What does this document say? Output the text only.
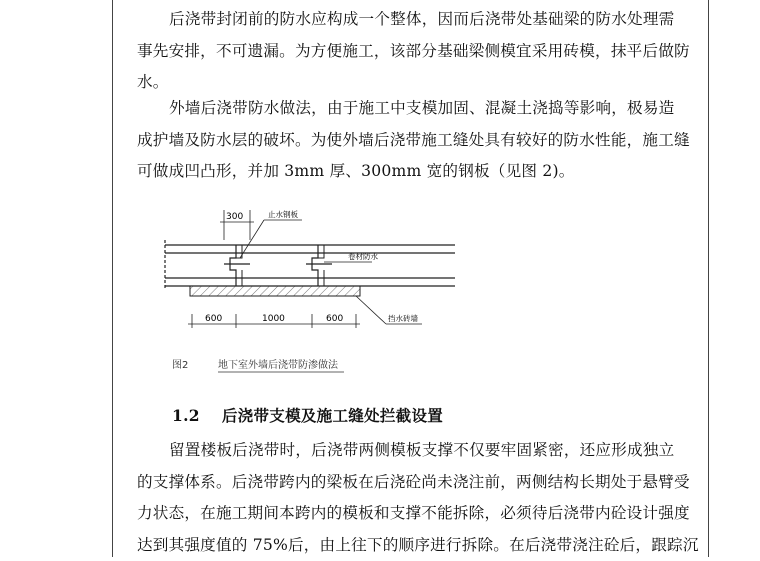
后浇带封闭前的防水应构成一个整体，因而后浇带处基础梁的防水处理需
事先安排，不可遗漏。为方便施工，该部分基础梁侧模宜采用砖模，抹平后做防
水。
外墙后浇带防水做法，由于施工中支模加固、混凝土浇捣等影响，极易造
成护墙及防水层的破坏。为使外墙后浇带施工缝处具有较好的防水性能，施工缝
可做成凹凸形，并加 3mm 厚、300mm 宽的钢板（见图 2)。
300	止水钢板
卷材防水
挡水砖墙
600	1000	600
图2	地下室外墙后浇带防渗做法
1.2 后浇带支模及施工缝处拦截设置
留置楼板后浇带时，后浇带两侧模板支撑不仅要牢固紧密，还应形成独立
的支撑体系。后浇带跨内的梁板在后浇砼尚未浇注前，两侧结构长期处于悬臂受
力状态，在施工期间本跨内的模板和支撑不能拆除，必须待后浇带内砼设计强度
达到其强度值的 75%后，由上往下的顺序进行拆除。在后浇带浇注砼后，跟踪沉
